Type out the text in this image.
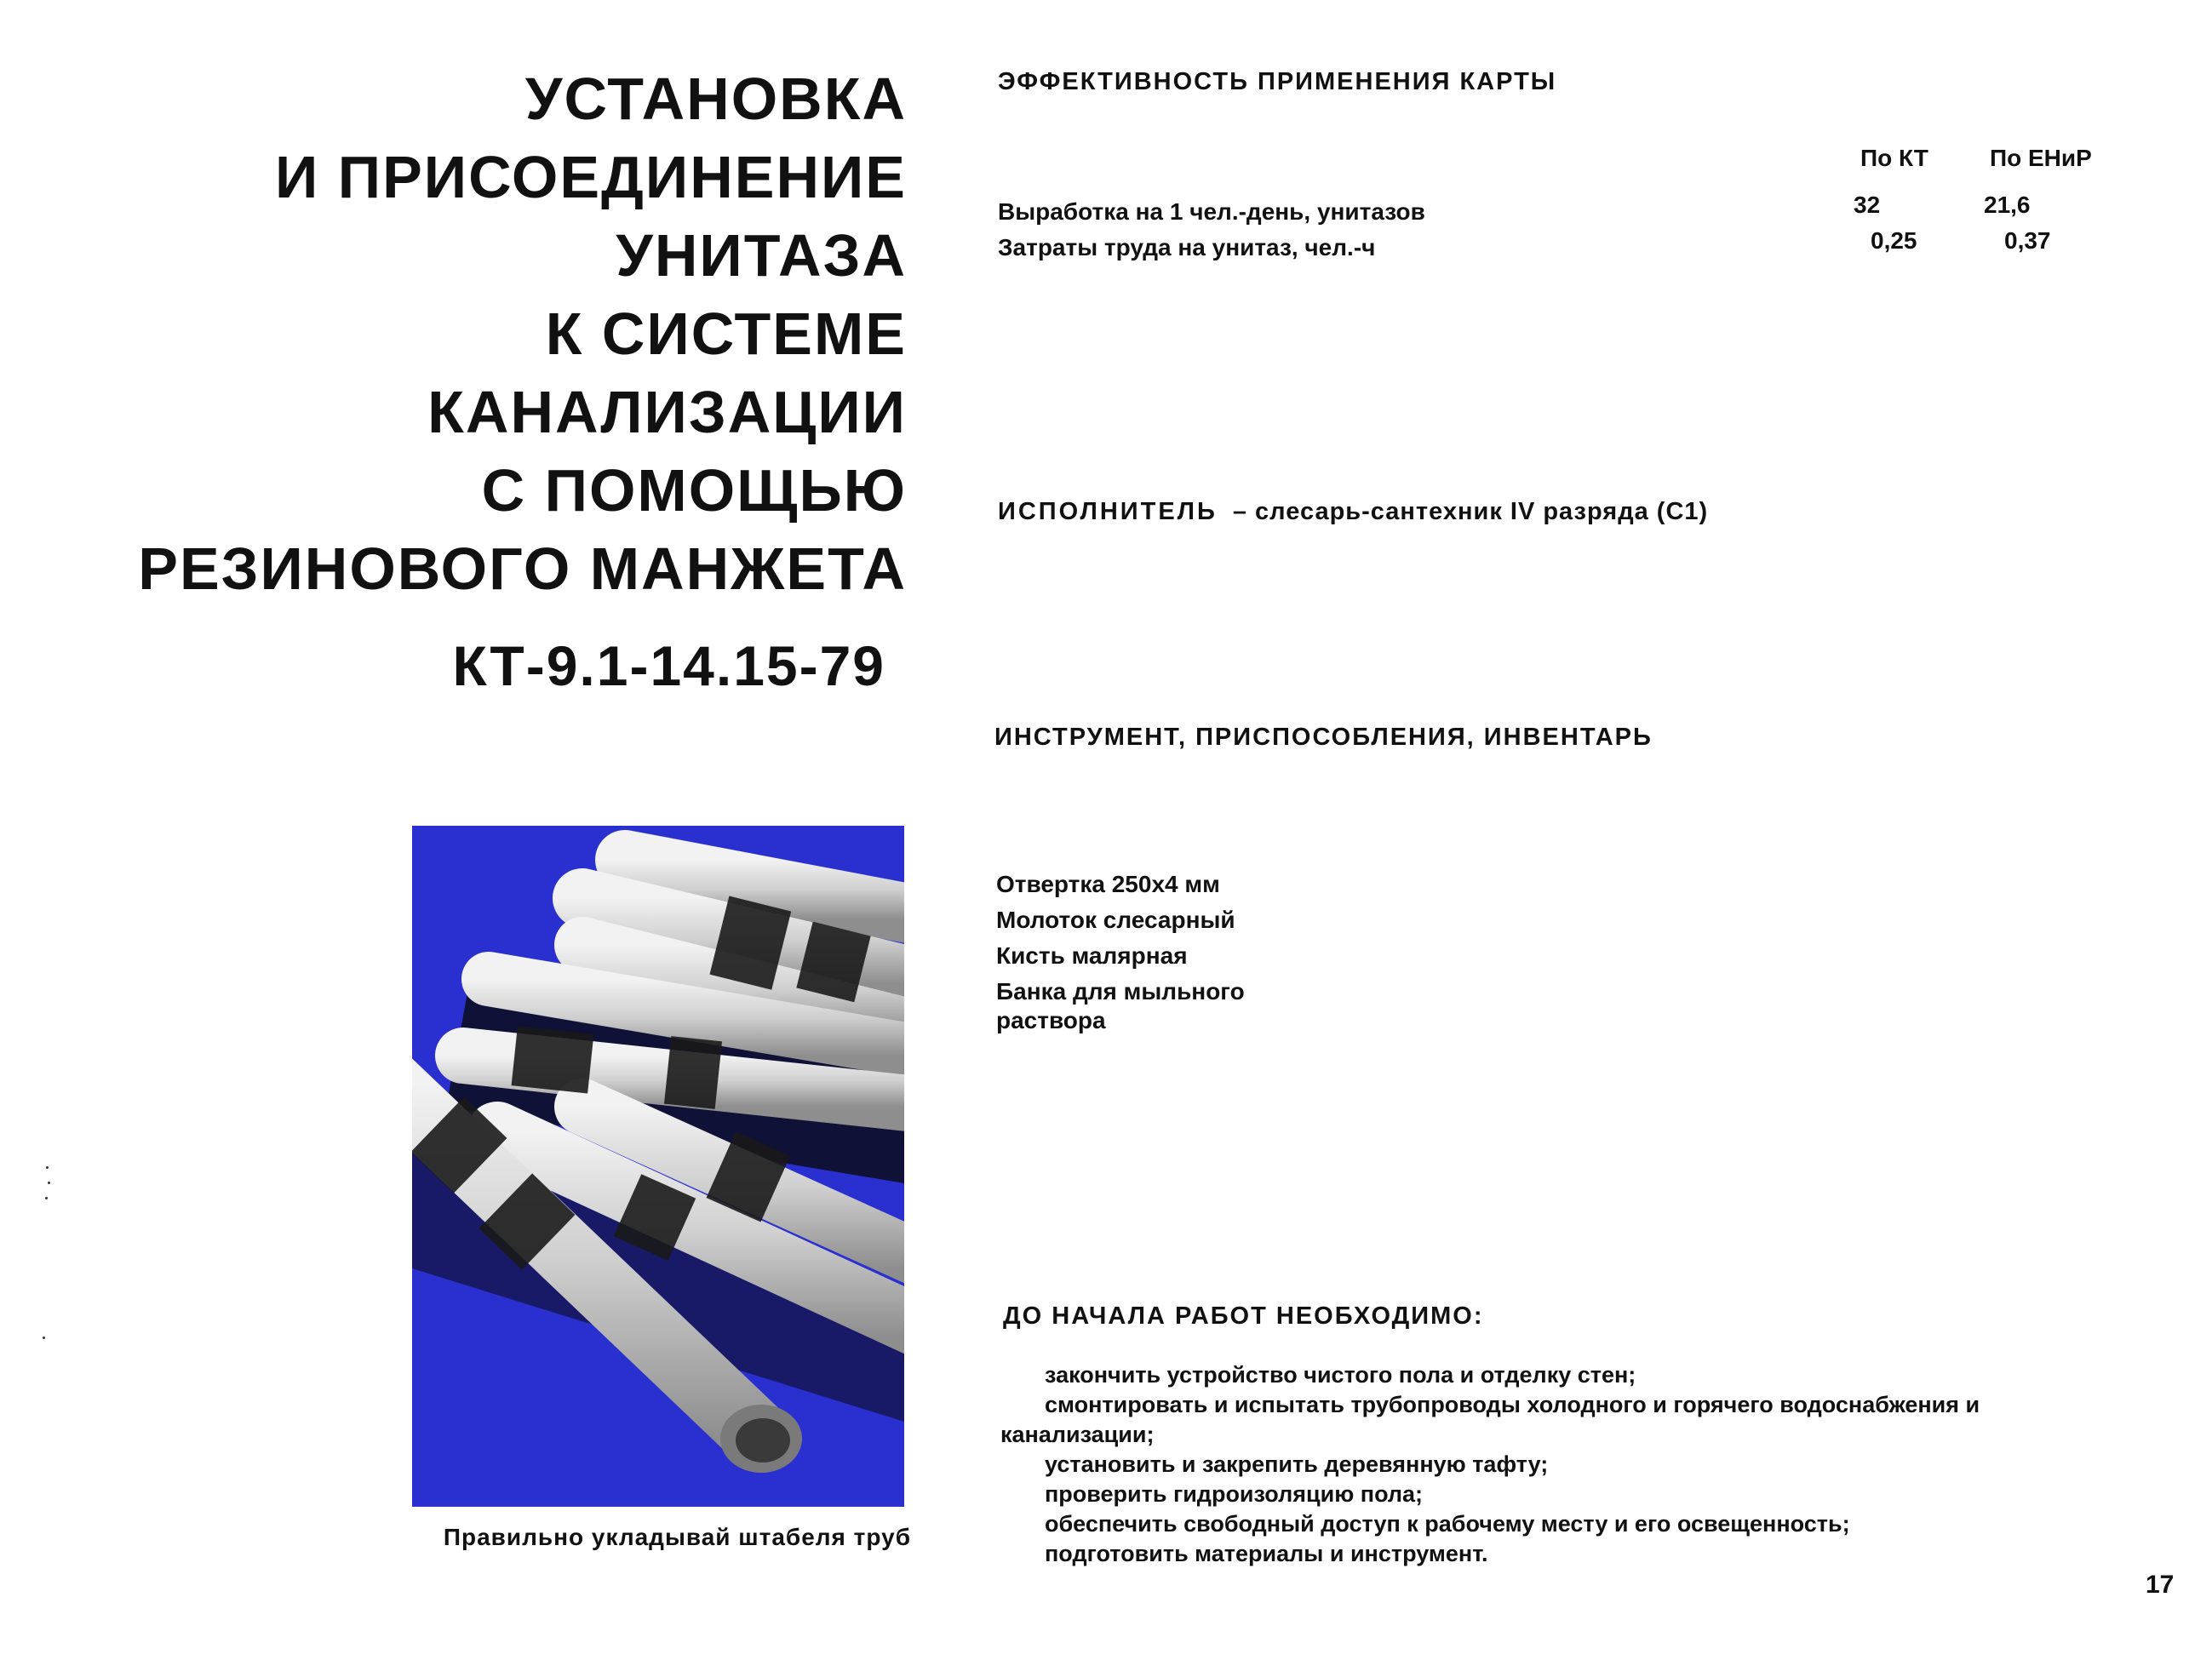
УСТАНОВКА
И ПРИСОЕДИНЕНИЕ
УНИТАЗА
К СИСТЕМЕ
КАНАЛИЗАЦИИ
С ПОМОЩЬЮ
РЕЗИНОВОГО МАНЖЕТА
КТ-9.1-14.15-79
Правильно укладывай штабеля труб
ЭФФЕКТИВНОСТЬ ПРИМЕНЕНИЯ КАРТЫ
По КТ	По ЕНиР
Выработка на 1 чел.-день, унитазов	32	21,6
Затраты труда на унитаз, чел.-ч	0,25	0,37
ИСПОЛНИТЕЛЬ – слесарь-сантехник IV разряда (С1)
ИНСТРУМЕНТ, ПРИСПОСОБЛЕНИЯ, ИНВЕНТАРЬ
Отвертка 250х4 мм
Молоток слесарный
Кисть малярная
Банка для мыльного раствора
ДО НАЧАЛА РАБОТ НЕОБХОДИМО:
закончить устройство чистого пола и отделку стен;
смонтировать и испытать трубопроводы холодного и горячего водоснабжения и канализации;
установить и закрепить деревянную тафту;
проверить гидроизоляцию пола;
обеспечить свободный доступ к рабочему месту и его освещенность;
подготовить материалы и инструмент.
17
